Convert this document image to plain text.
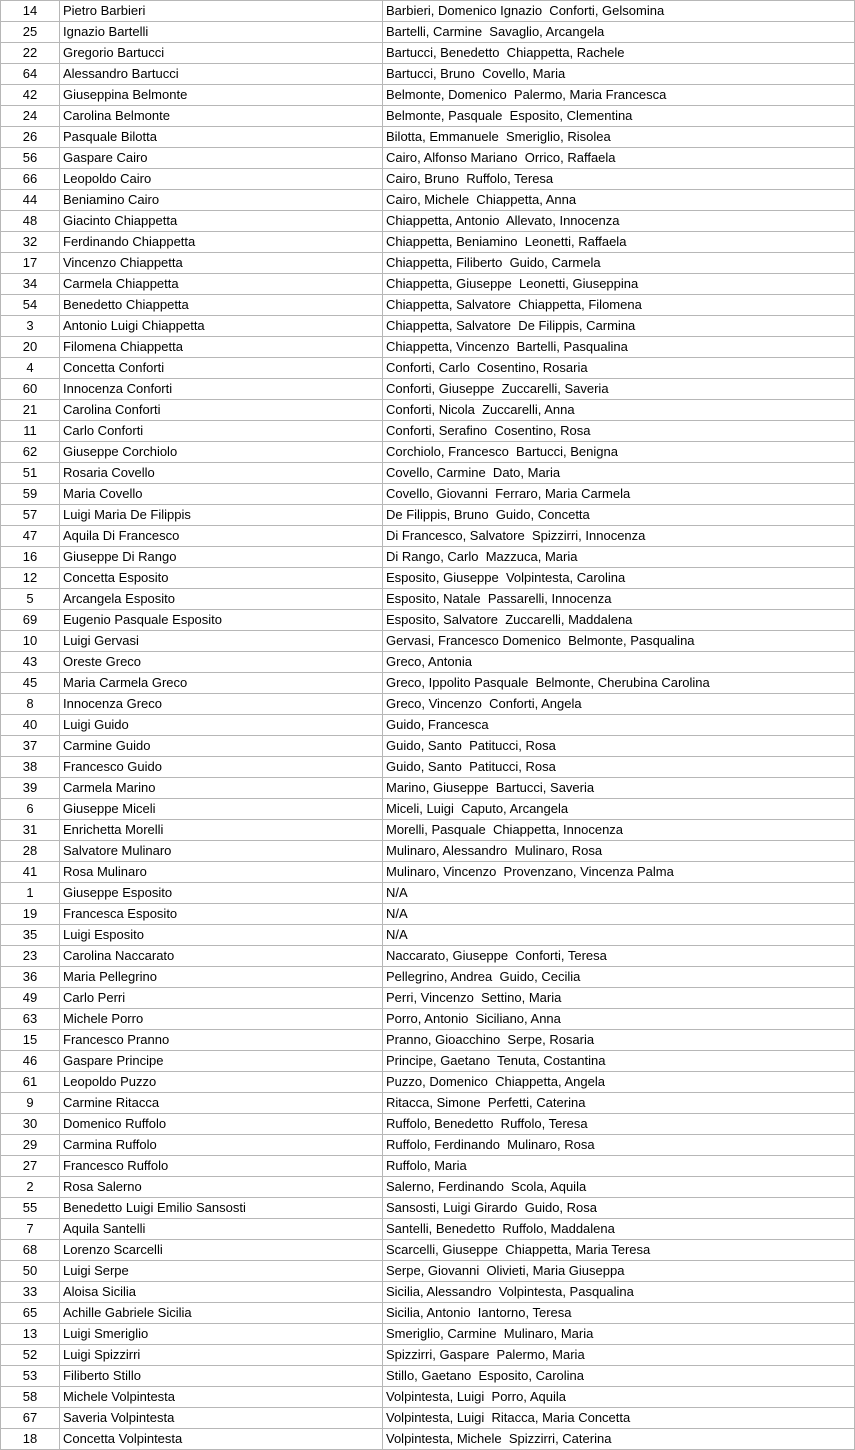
14	Pietro Barbieri	Barbieri, Domenico Ignazio  Conforti, Gelsomina
25	Ignazio Bartelli	Bartelli, Carmine  Savaglio, Arcangela
22	Gregorio Bartucci	Bartucci, Benedetto  Chiappetta, Rachele
64	Alessandro Bartucci	Bartucci, Bruno  Covello, Maria
42	Giuseppina Belmonte	Belmonte, Domenico  Palermo, Maria Francesca
24	Carolina Belmonte	Belmonte, Pasquale  Esposito, Clementina
26	Pasquale Bilotta	Bilotta, Emmanuele  Smeriglio, Risolea
56	Gaspare Cairo	Cairo, Alfonso Mariano  Orrico, Raffaela
66	Leopoldo Cairo	Cairo, Bruno  Ruffolo, Teresa
44	Beniamino Cairo	Cairo, Michele  Chiappetta, Anna
48	Giacinto Chiappetta	Chiappetta, Antonio  Allevato, Innocenza
32	Ferdinando Chiappetta	Chiappetta, Beniamino  Leonetti, Raffaela
17	Vincenzo Chiappetta	Chiappetta, Filiberto  Guido, Carmela
34	Carmela Chiappetta	Chiappetta, Giuseppe  Leonetti, Giuseppina
54	Benedetto Chiappetta	Chiappetta, Salvatore  Chiappetta, Filomena
3	Antonio Luigi Chiappetta	Chiappetta, Salvatore  De Filippis, Carmina
20	Filomena Chiappetta	Chiappetta, Vincenzo  Bartelli, Pasqualina
4	Concetta Conforti	Conforti, Carlo  Cosentino, Rosaria
60	Innocenza Conforti	Conforti, Giuseppe  Zuccarelli, Saveria
21	Carolina Conforti	Conforti, Nicola  Zuccarelli, Anna
11	Carlo Conforti	Conforti, Serafino  Cosentino, Rosa
62	Giuseppe Corchiolo	Corchiolo, Francesco  Bartucci, Benigna
51	Rosaria Covello	Covello, Carmine  Dato, Maria
59	Maria Covello	Covello, Giovanni  Ferraro, Maria Carmela
57	Luigi Maria De Filippis	De Filippis, Bruno  Guido, Concetta
47	Aquila Di Francesco	Di Francesco, Salvatore  Spizzirri, Innocenza
16	Giuseppe Di Rango	Di Rango, Carlo  Mazzuca, Maria
12	Concetta Esposito	Esposito, Giuseppe  Volpintesta, Carolina
5	Arcangela Esposito	Esposito, Natale  Passarelli, Innocenza
69	Eugenio Pasquale Esposito	Esposito, Salvatore  Zuccarelli, Maddalena
10	Luigi Gervasi	Gervasi, Francesco Domenico  Belmonte, Pasqualina
43	Oreste Greco	Greco, Antonia
45	Maria Carmela Greco	Greco, Ippolito Pasquale  Belmonte, Cherubina Carolina
8	Innocenza Greco	Greco, Vincenzo  Conforti, Angela
40	Luigi Guido	Guido, Francesca
37	Carmine Guido	Guido, Santo  Patitucci, Rosa
38	Francesco Guido	Guido, Santo  Patitucci, Rosa
39	Carmela Marino	Marino, Giuseppe  Bartucci, Saveria
6	Giuseppe Miceli	Miceli, Luigi  Caputo, Arcangela
31	Enrichetta Morelli	Morelli, Pasquale  Chiappetta, Innocenza
28	Salvatore Mulinaro	Mulinaro, Alessandro  Mulinaro, Rosa
41	Rosa Mulinaro	Mulinaro, Vincenzo  Provenzano, Vincenza Palma
1	Giuseppe Esposito	N/A
19	Francesca Esposito	N/A
35	Luigi Esposito	N/A
23	Carolina Naccarato	Naccarato, Giuseppe  Conforti, Teresa
36	Maria Pellegrino	Pellegrino, Andrea  Guido, Cecilia
49	Carlo Perri	Perri, Vincenzo  Settino, Maria
63	Michele Porro	Porro, Antonio  Siciliano, Anna
15	Francesco Pranno	Pranno, Gioacchino  Serpe, Rosaria
46	Gaspare Principe	Principe, Gaetano  Tenuta, Costantina
61	Leopoldo Puzzo	Puzzo, Domenico  Chiappetta, Angela
9	Carmine Ritacca	Ritacca, Simone  Perfetti, Caterina
30	Domenico Ruffolo	Ruffolo, Benedetto  Ruffolo, Teresa
29	Carmina Ruffolo	Ruffolo, Ferdinando  Mulinaro, Rosa
27	Francesco Ruffolo	Ruffolo, Maria
2	Rosa Salerno	Salerno, Ferdinando  Scola, Aquila
55	Benedetto Luigi Emilio Sansosti	Sansosti, Luigi Girardo  Guido, Rosa
7	Aquila Santelli	Santelli, Benedetto  Ruffolo, Maddalena
68	Lorenzo Scarcelli	Scarcelli, Giuseppe  Chiappetta, Maria Teresa
50	Luigi Serpe	Serpe, Giovanni  Olivieti, Maria Giuseppa
33	Aloisa Sicilia	Sicilia, Alessandro  Volpintesta, Pasqualina
65	Achille Gabriele Sicilia	Sicilia, Antonio  Iantorno, Teresa
13	Luigi Smeriglio	Smeriglio, Carmine  Mulinaro, Maria
52	Luigi Spizzirri	Spizzirri, Gaspare  Palermo, Maria
53	Filiberto Stillo	Stillo, Gaetano  Esposito, Carolina
58	Michele Volpintesta	Volpintesta, Luigi  Porro, Aquila
67	Saveria Volpintesta	Volpintesta, Luigi  Ritacca, Maria Concetta
18	Concetta Volpintesta	Volpintesta, Michele  Spizzirri, Caterina
